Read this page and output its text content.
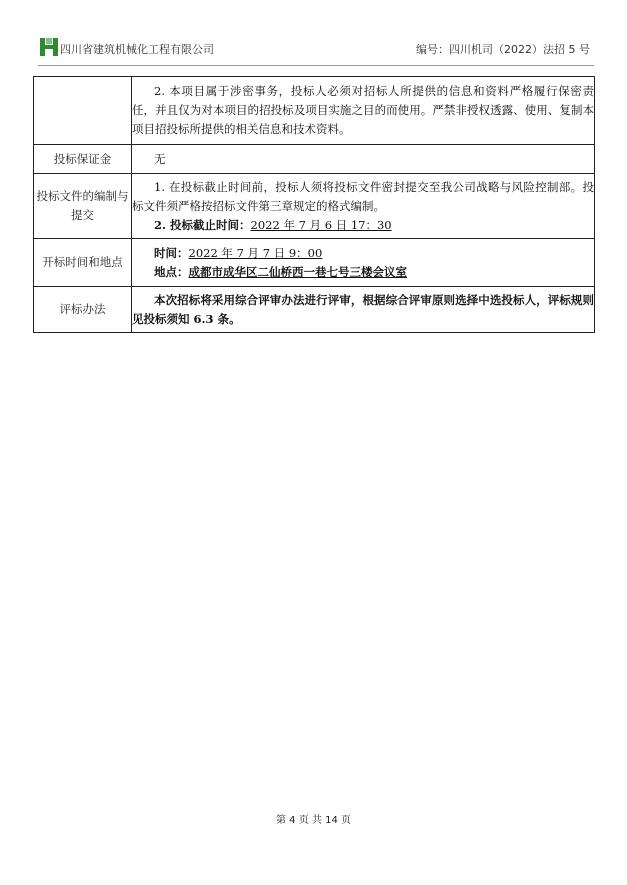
四川省建筑机械化工程有限公司	编号：四川机司（2022）法招 5 号

	2. 本项目属于涉密事务，投标人必须对招标人所提供的信息和资料严格履行保密责任，并且仅为对本项目的招投标及项目实施之目的而使用。严禁非授权透露、使用、复制本项目招投标所提供的相关信息和技术资料。

投标保证金	无

投标文件的编制与提交	1. 在投标截止时间前，投标人须将投标文件密封提交至我公司战略与风险控制部。投标文件须严格按招标文件第三章规定的格式编制。
2. 投标截止时间：2022 年 7 月 6 日 17：30

开标时间和地点	时间：2022 年 7 月 7 日 9：00
地点：成都市成华区二仙桥西一巷七号三楼会议室

评标办法	本次招标将采用综合评审办法进行评审，根据综合评审原则选择中选投标人，评标规则见投标须知 6.3 条。
第 4 页 共 14 页
